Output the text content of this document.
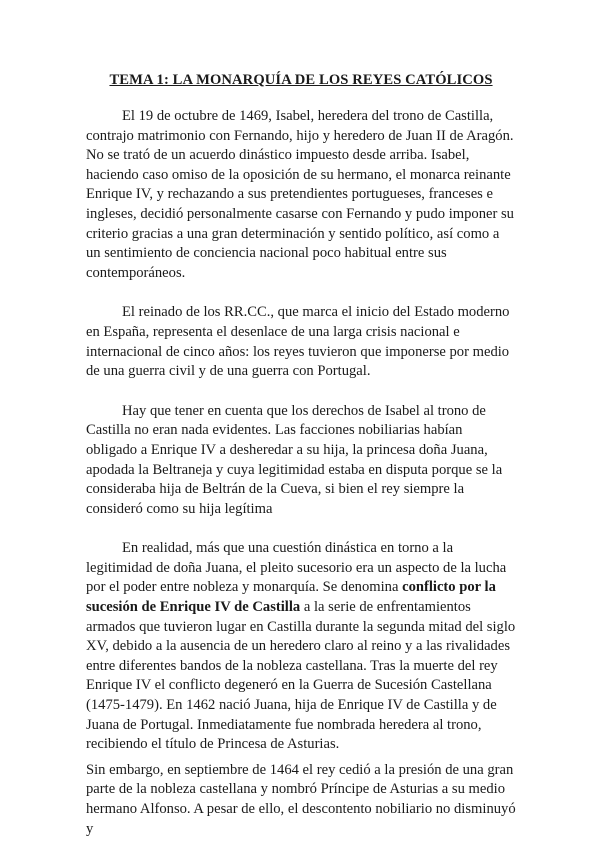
TEMA 1: LA MONARQUÍA DE LOS REYES CATÓLICOS

El 19 de octubre de 1469, Isabel, heredera del trono de Castilla, contrajo matrimonio con Fernando, hijo y heredero de Juan II de Aragón. No se trató de un acuerdo dinástico impuesto desde arriba. Isabel, haciendo caso omiso de la oposición de su hermano, el monarca reinante Enrique IV, y rechazando a sus pretendientes portugueses, franceses e ingleses, decidió personalmente casarse con Fernando y pudo imponer su criterio gracias a una gran determinación y sentido político, así como a un sentimiento de conciencia nacional poco habitual entre sus contemporáneos.

El reinado de los RR.CC., que marca el inicio del Estado moderno en España, representa el desenlace de una larga crisis nacional e internacional de cinco años: los reyes tuvieron que imponerse por medio de una guerra civil y de una guerra con Portugal.

Hay que tener en cuenta que los derechos de Isabel al trono de Castilla no eran nada evidentes. Las facciones nobiliarias habían obligado a Enrique IV a desheredar a su hija, la princesa doña Juana, apodada la Beltraneja y cuya legitimidad estaba en disputa porque se la consideraba hija de Beltrán de la Cueva, si bien el rey siempre la consideró como su hija legítima

En realidad, más que una cuestión dinástica en torno a la legitimidad de doña Juana, el pleito sucesorio era un aspecto de la lucha por el poder entre nobleza y monarquía. Se denomina conflicto por la sucesión de Enrique IV de Castilla a la serie de enfrentamientos armados que tuvieron lugar en Castilla durante la segunda mitad del siglo XV, debido a la ausencia de un heredero claro al reino y a las rivalidades entre diferentes bandos de la nobleza castellana. Tras la muerte del rey Enrique IV el conflicto degeneró en la Guerra de Sucesión Castellana (1475-1479). En 1462 nació Juana, hija de Enrique IV de Castilla y de Juana de Portugal. Inmediatamente fue nombrada heredera al trono, recibiendo el título de Princesa de Asturias.

Sin embargo, en septiembre de 1464 el rey cedió a la presión de una gran parte de la nobleza castellana y nombró Príncipe de Asturias a su medio hermano Alfonso. A pesar de ello, el descontento nobiliario no disminuyó y
